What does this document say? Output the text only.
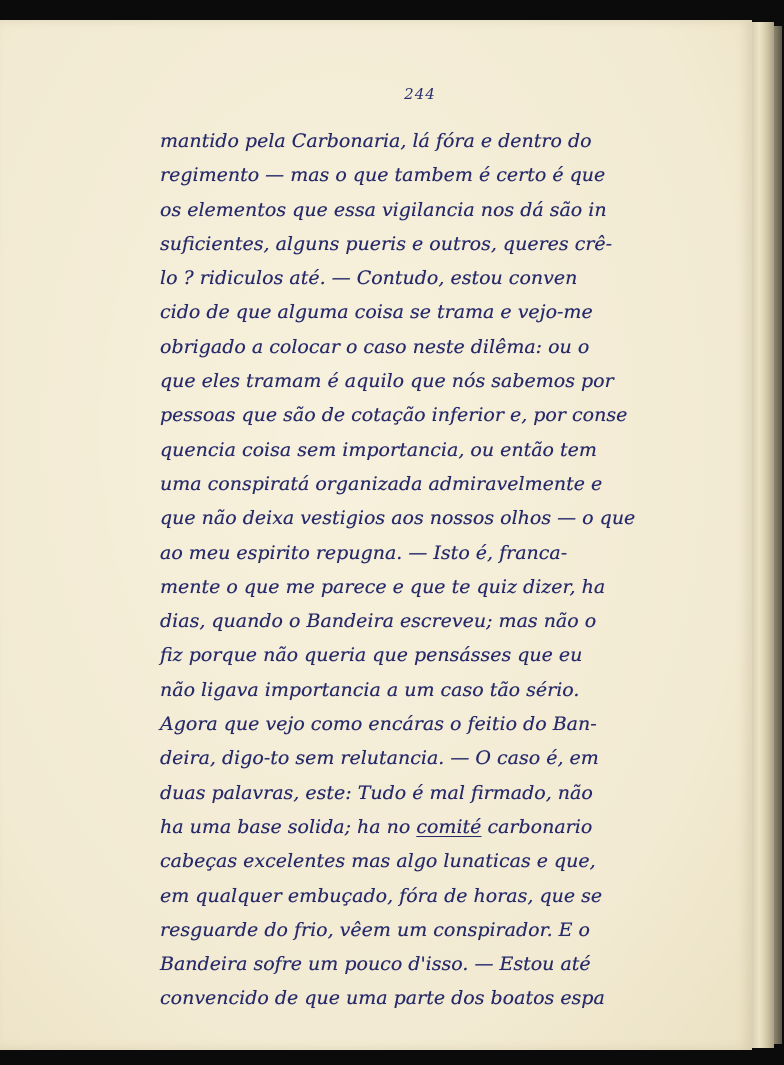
244
mantido pela Carbonaria, lá fóra e dentro do
regimento — mas o que tambem é certo é que
os elementos que essa vigilancia nos dá são in
suficientes, alguns pueris e outros, queres crê-
lo ? ridiculos até. — Contudo, estou conven
cido de que alguma coisa se trama e vejo-me
obrigado a colocar o caso neste dilêma: ou o
que eles tramam é aquilo que nós sabemos por
pessoas que são de cotação inferior e, por conse
quencia coisa sem importancia, ou então tem
uma conspiratá organizada admiravelmente e
que não deixa vestigios aos nossos olhos — o que
ao meu espirito repugna. — Isto é, franca-
mente o que me parece e que te quiz dizer, ha
dias, quando o Bandeira escreveu; mas não o
fiz porque não queria que pensásses que eu
não ligava importancia a um caso tão sério.
Agora que vejo como encáras o feitio do Ban-
deira, digo-to sem relutancia. — O caso é, em
duas palavras, este: Tudo é mal firmado, não
ha uma base solida; ha no comité carbonario
cabeças excelentes mas algo lunaticas e que,
em qualquer embuçado, fóra de horas, que se
resguarde do frio, vêem um conspirador. E o
Bandeira sofre um pouco d'isso. — Estou até
convencido de que uma parte dos boatos espa
